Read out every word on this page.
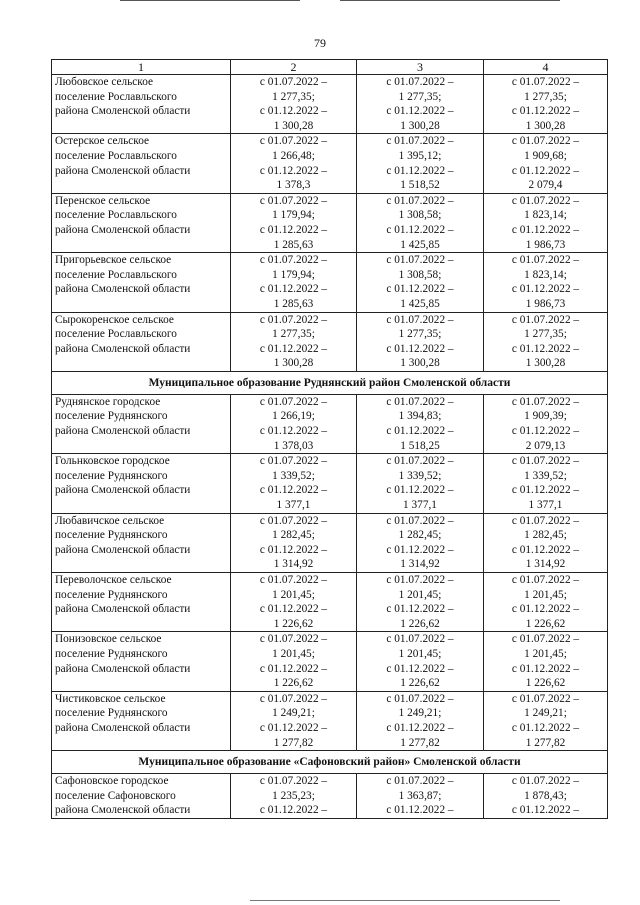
79
1	2	3	4

Любовское сельское
поселение Рославльского
района Смоленской области	с 01.07.2022 –
1 277,35;
с 01.12.2022 –
1 300,28	с 01.07.2022 –
1 277,35;
с 01.12.2022 –
1 300,28	с 01.07.2022 –
1 277,35;
с 01.12.2022 –
1 300,28

Остерское сельское
поселение Рославльского
района Смоленской области	с 01.07.2022 –
1 266,48;
с 01.12.2022 –
1 378,3	с 01.07.2022 –
1 395,12;
с 01.12.2022 –
1 518,52	с 01.07.2022 –
1 909,68;
с 01.12.2022 –
2 079,4

Перенское сельское
поселение Рославльского
района Смоленской области	с 01.07.2022 –
1 179,94;
с 01.12.2022 –
1 285,63	с 01.07.2022 –
1 308,58;
с 01.12.2022 –
1 425,85	с 01.07.2022 –
1 823,14;
с 01.12.2022 –
1 986,73

Пригорьевское сельское
поселение Рославльского
района Смоленской области	с 01.07.2022 –
1 179,94;
с 01.12.2022 –
1 285,63	с 01.07.2022 –
1 308,58;
с 01.12.2022 –
1 425,85	с 01.07.2022 –
1 823,14;
с 01.12.2022 –
1 986,73

Сырокоренское сельское
поселение Рославльского
района Смоленской области	с 01.07.2022 –
1 277,35;
с 01.12.2022 –
1 300,28	с 01.07.2022 –
1 277,35;
с 01.12.2022 –
1 300,28	с 01.07.2022 –
1 277,35;
с 01.12.2022 –
1 300,28

Муниципальное образование Руднянский район Смоленской области			

Руднянское городское
поселение Руднянского
района Смоленской области	с 01.07.2022 –
1 266,19;
с 01.12.2022 –
1 378,03	с 01.07.2022 –
1 394,83;
с 01.12.2022 –
1 518,25	с 01.07.2022 –
1 909,39;
с 01.12.2022 –
2 079,13

Гольнковское городское
поселение Руднянского
района Смоленской области	с 01.07.2022 –
1 339,52;
с 01.12.2022 –
1 377,1	с 01.07.2022 –
1 339,52;
с 01.12.2022 –
1 377,1	с 01.07.2022 –
1 339,52;
с 01.12.2022 –
1 377,1

Любавичское сельское
поселение Руднянского
района Смоленской области	с 01.07.2022 –
1 282,45;
с 01.12.2022 –
1 314,92	с 01.07.2022 –
1 282,45;
с 01.12.2022 –
1 314,92	с 01.07.2022 –
1 282,45;
с 01.12.2022 –
1 314,92

Переволочское сельское
поселение Руднянского
района Смоленской области	с 01.07.2022 –
1 201,45;
с 01.12.2022 –
1 226,62	с 01.07.2022 –
1 201,45;
с 01.12.2022 –
1 226,62	с 01.07.2022 –
1 201,45;
с 01.12.2022 –
1 226,62

Понизовское сельское
поселение Руднянского
района Смоленской области	с 01.07.2022 –
1 201,45;
с 01.12.2022 –
1 226,62	с 01.07.2022 –
1 201,45;
с 01.12.2022 –
1 226,62	с 01.07.2022 –
1 201,45;
с 01.12.2022 –
1 226,62

Чистиковское сельское
поселение Руднянского
района Смоленской области	с 01.07.2022 –
1 249,21;
с 01.12.2022 –
1 277,82	с 01.07.2022 –
1 249,21;
с 01.12.2022 –
1 277,82	с 01.07.2022 –
1 249,21;
с 01.12.2022 –
1 277,82

Муниципальное образование «Сафоновский район» Смоленской области			

Сафоновское городское
поселение Сафоновского
района Смоленской области	с 01.07.2022 –
1 235,23;
с 01.12.2022 –	с 01.07.2022 –
1 363,87;
с 01.12.2022 –	с 01.07.2022 –
1 878,43;
с 01.12.2022 –
